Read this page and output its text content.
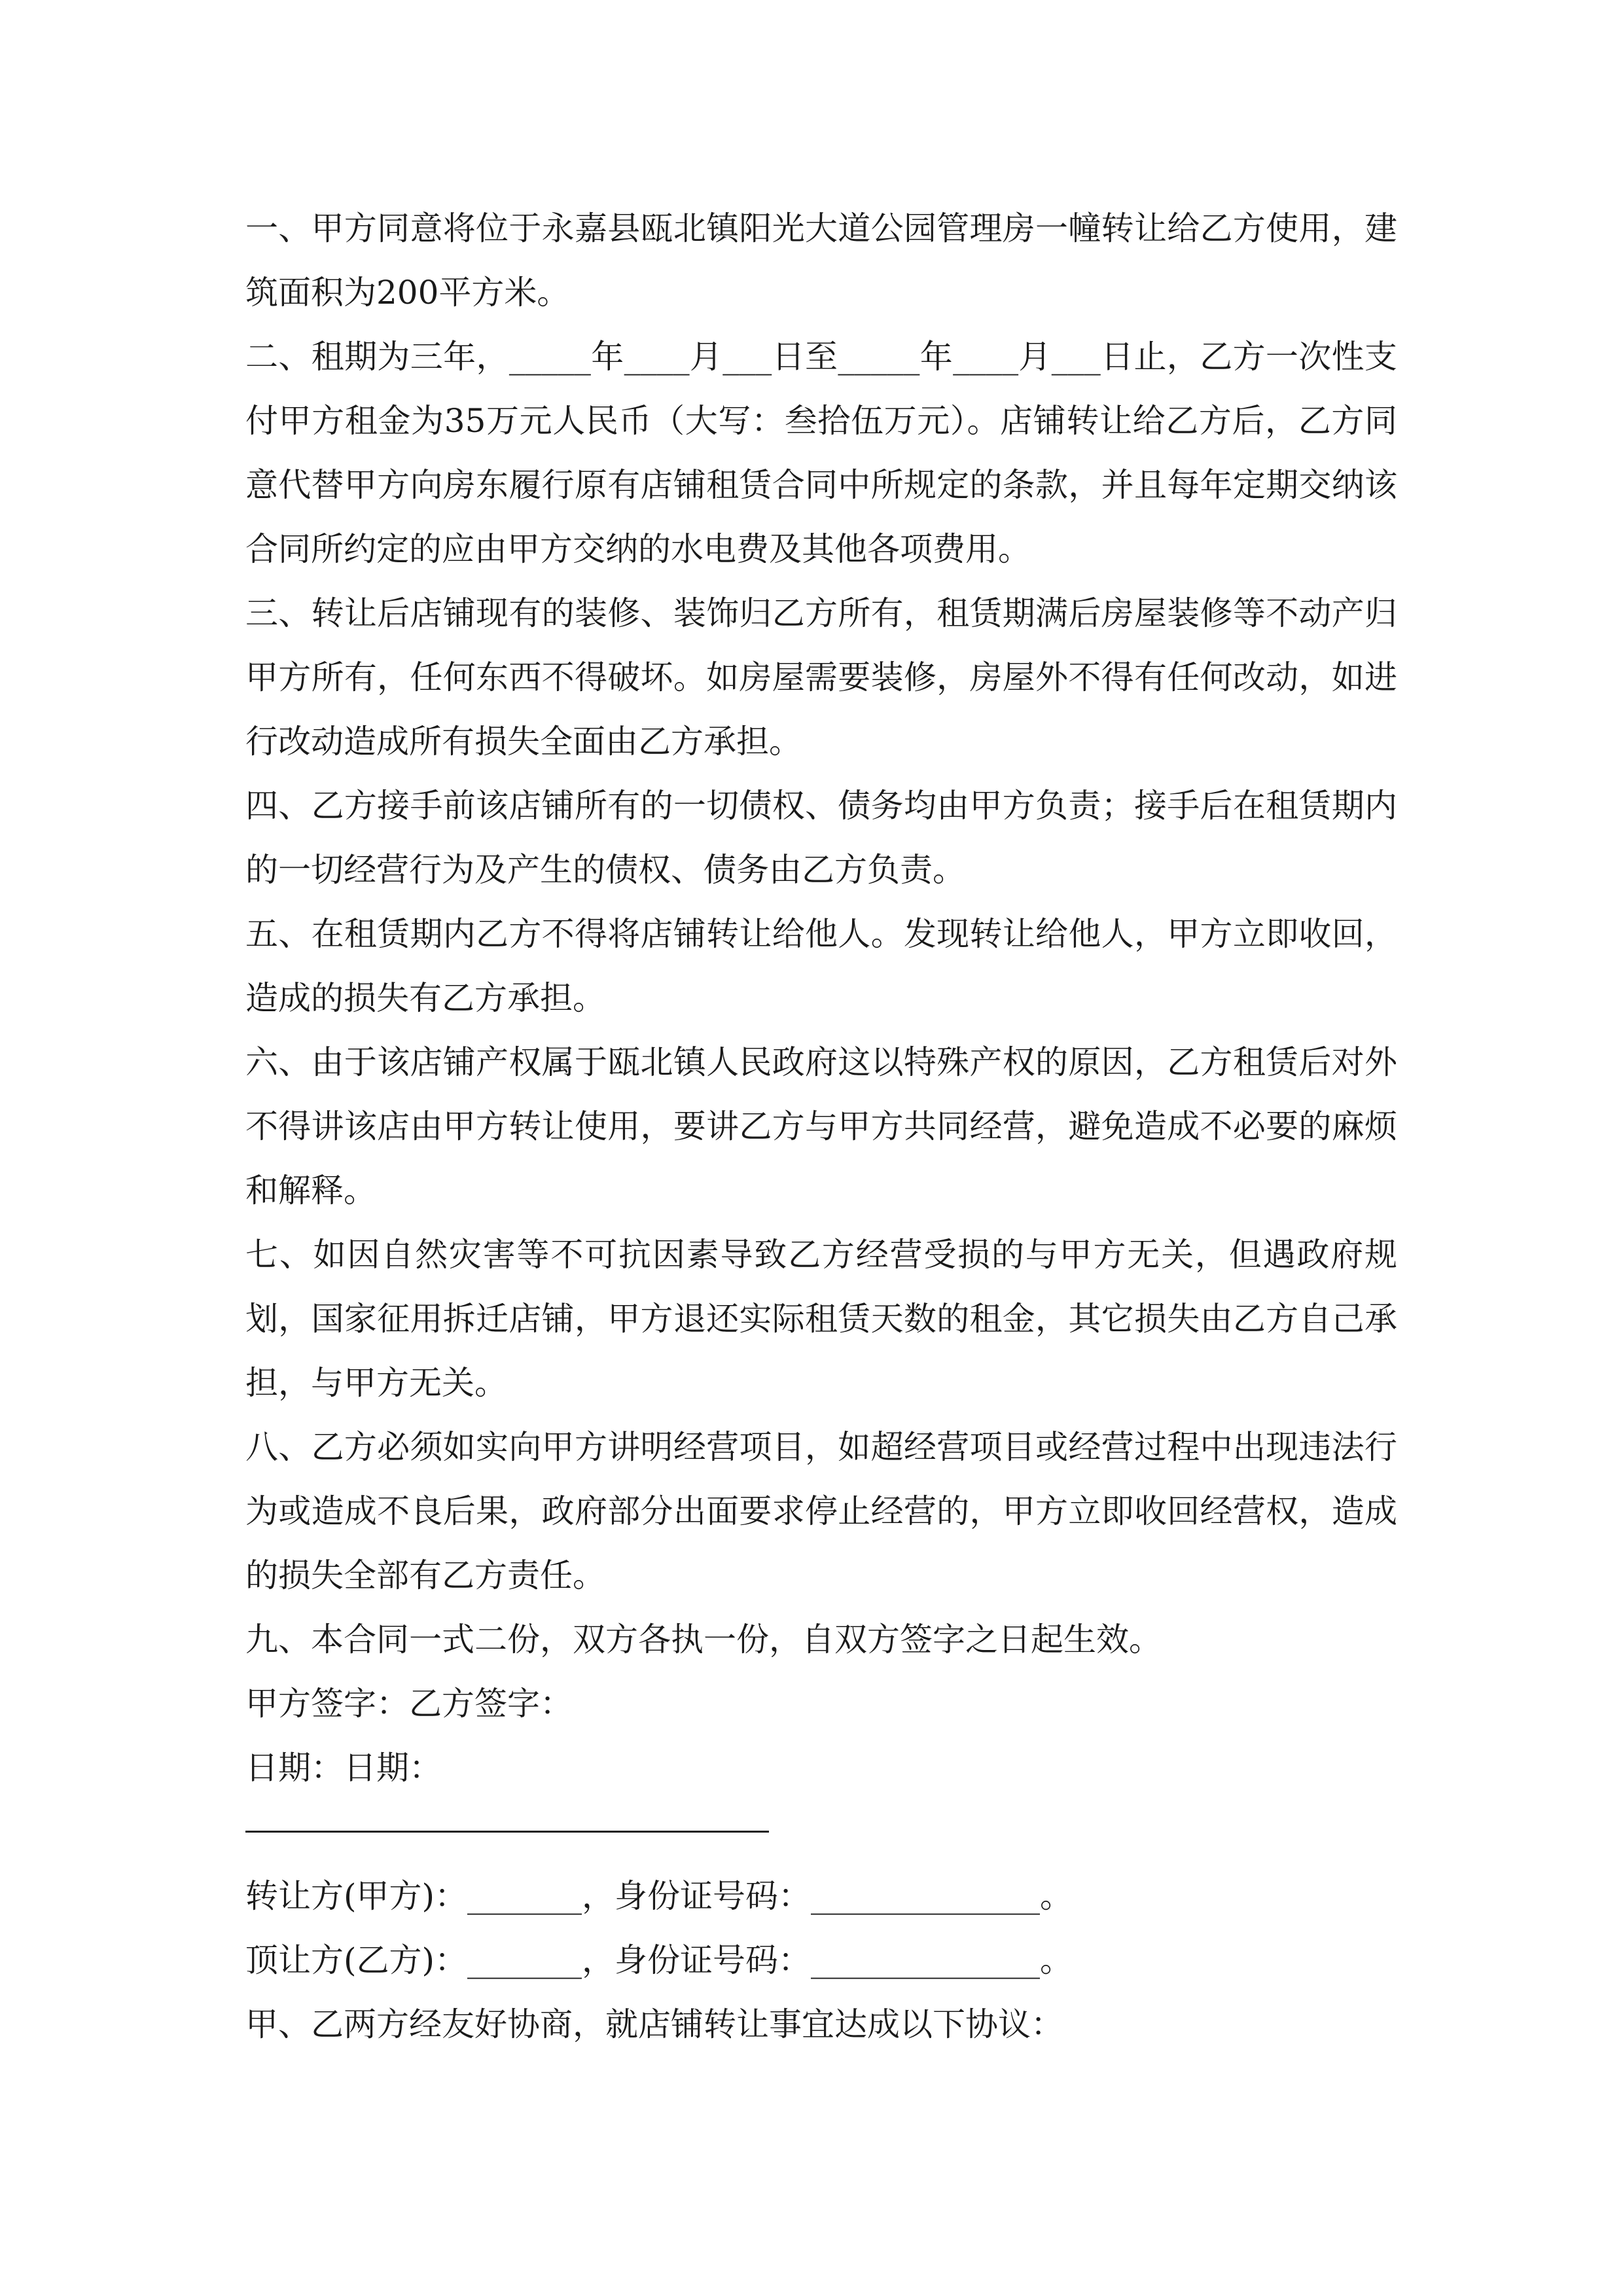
一、甲方同意将位于永嘉县瓯北镇阳光大道公园管理房一幢转让给乙方使用，建筑面积为200平方米。

二、租期为三年，_____年____月___日至_____年____月___日止，乙方一次性支付甲方租金为35万元人民币（大写：叁拾伍万元）。店铺转让给乙方后，乙方同意代替甲方向房东履行原有店铺租赁合同中所规定的条款，并且每年定期交纳该合同所约定的应由甲方交纳的水电费及其他各项费用。

三、转让后店铺现有的装修、装饰归乙方所有，租赁期满后房屋装修等不动产归甲方所有，任何东西不得破坏。如房屋需要装修，房屋外不得有任何改动，如进行改动造成所有损失全面由乙方承担。

四、乙方接手前该店铺所有的一切债权、债务均由甲方负责；接手后在租赁期内的一切经营行为及产生的债权、债务由乙方负责。

五、在租赁期内乙方不得将店铺转让给他人。发现转让给他人，甲方立即收回，造成的损失有乙方承担。

六、由于该店铺产权属于瓯北镇人民政府这以特殊产权的原因，乙方租赁后对外不得讲该店由甲方转让使用，要讲乙方与甲方共同经营，避免造成不必要的麻烦和解释。

七、如因自然灾害等不可抗因素导致乙方经营受损的与甲方无关，但遇政府规划，国家征用拆迁店铺，甲方退还实际租赁天数的租金，其它损失由乙方自己承担，与甲方无关。

八、乙方必须如实向甲方讲明经营项目，如超经营项目或经营过程中出现违法行为或造成不良后果，政府部分出面要求停止经营的，甲方立即收回经营权，造成的损失全部有乙方责任。

九、本合同一式二份，双方各执一份，自双方签字之日起生效。

甲方签字：乙方签字：

日期：日期：

转让方(甲方)：_______，身份证号码：______________。

顶让方(乙方)：_______，身份证号码：______________。

甲、乙两方经友好协商，就店铺转让事宜达成以下协议：
